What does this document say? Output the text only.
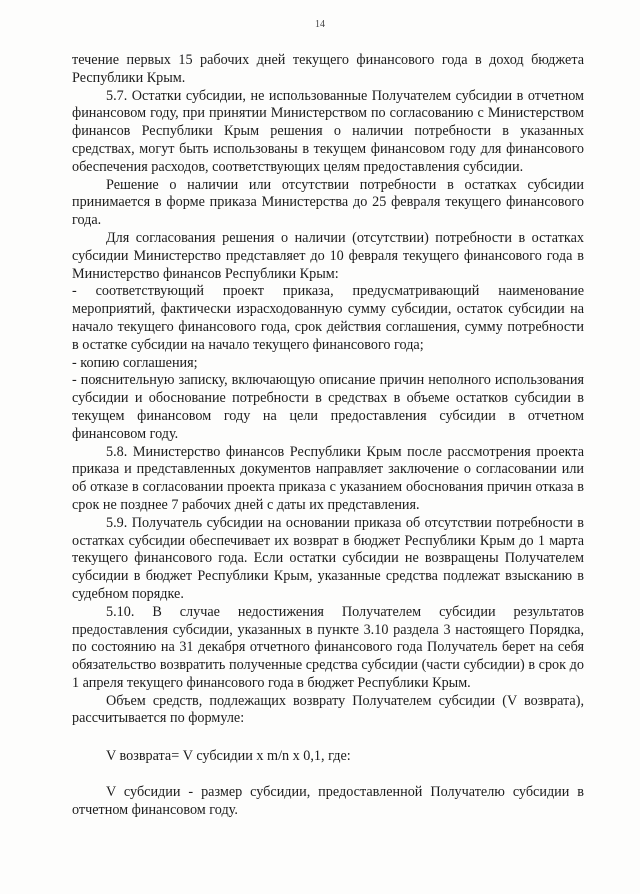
14

течение первых 15 рабочих дней текущего финансового года в доход бюджета Республики Крым.

5.7. Остатки субсидии, не использованные Получателем субсидии в отчетном финансовом году, при принятии Министерством по согласованию с Министерством финансов Республики Крым решения о наличии потребности в указанных средствах, могут быть использованы в текущем финансовом году для финансового обеспечения расходов, соответствующих целям предоставления субсидии.

Решение о наличии или отсутствии потребности в остатках субсидии принимается в форме приказа Министерства до 25 февраля текущего финансового года.

Для согласования решения о наличии (отсутствии) потребности в остатках субсидии Министерство представляет до 10 февраля текущего финансового года в Министерство финансов Республики Крым:

- соответствующий проект приказа, предусматривающий наименование мероприятий, фактически израсходованную сумму субсидии, остаток субсидии на начало текущего финансового года, срок действия соглашения, сумму потребности в остатке субсидии на начало текущего финансового года;

- копию соглашения;

- пояснительную записку, включающую описание причин неполного использования субсидии и обоснование потребности в средствах в объеме остатков субсидии в текущем финансовом году на цели предоставления субсидии в отчетном финансовом году.

5.8. Министерство финансов Республики Крым после рассмотрения проекта приказа и представленных документов направляет заключение о согласовании или об отказе в согласовании проекта приказа с указанием обоснования причин отказа в срок не позднее 7 рабочих дней с даты их представления.

5.9. Получатель субсидии на основании приказа об отсутствии потребности в остатках субсидии обеспечивает их возврат в бюджет Республики Крым до 1 марта текущего финансового года. Если остатки субсидии не возвращены Получателем субсидии в бюджет Республики Крым, указанные средства подлежат взысканию в судебном порядке.

5.10. В случае недостижения Получателем субсидии результатов предоставления субсидии, указанных в пункте 3.10 раздела 3 настоящего Порядка, по состоянию на 31 декабря отчетного финансового года Получатель берет на себя обязательство возвратить полученные средства субсидии (части субсидии) в срок до 1 апреля текущего финансового года в бюджет Республики Крым.

Объем средств, подлежащих возврату Получателем субсидии (V возврата), рассчитывается по формуле:

V возврата= V субсидии x m/n x 0,1, где:

V субсидии - размер субсидии, предоставленной Получателю субсидии в отчетном финансовом году.
